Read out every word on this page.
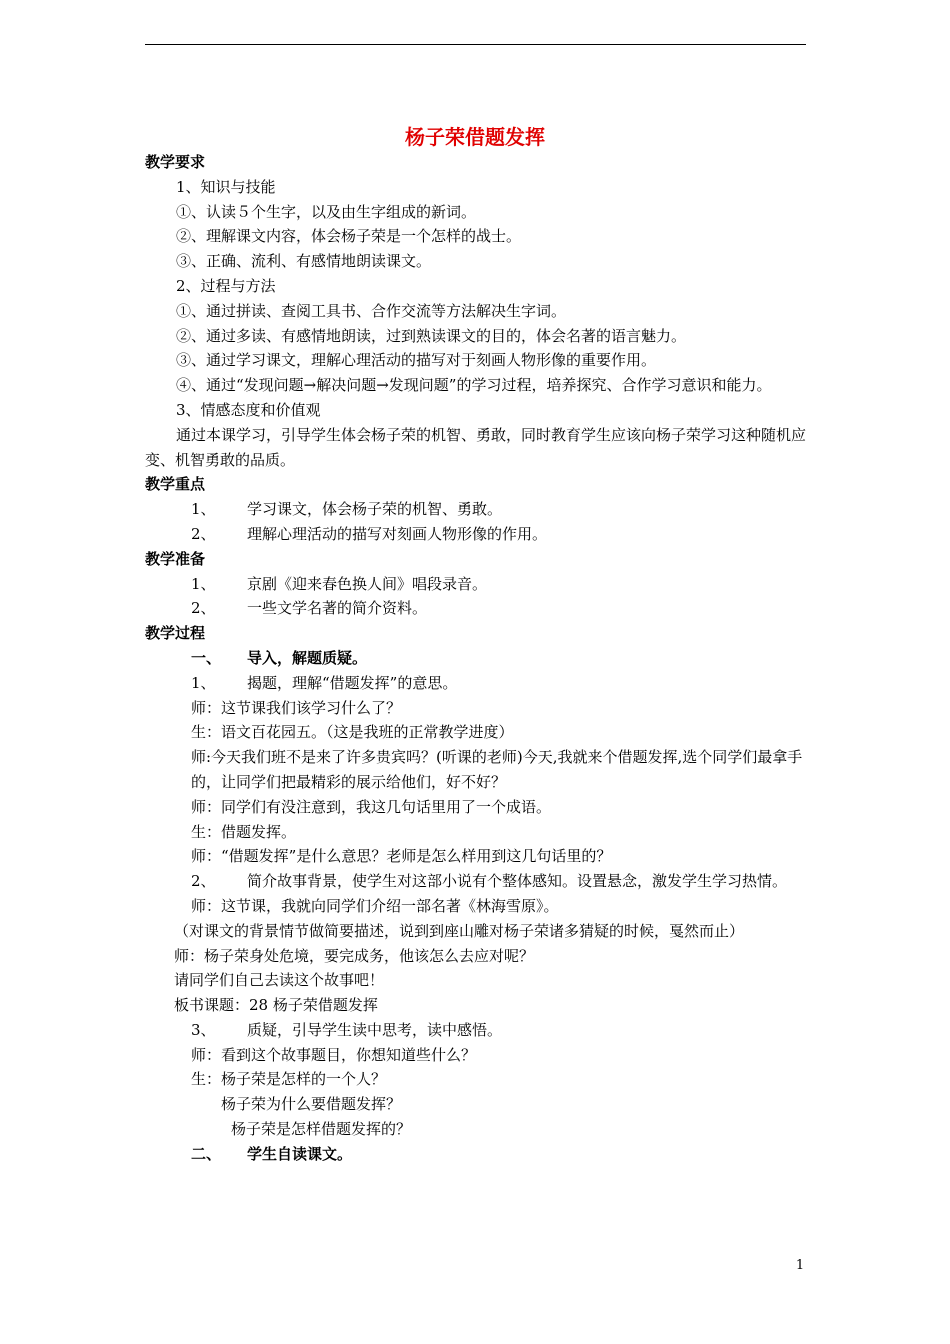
杨子荣借题发挥
教学要求
1、知识与技能
①、认读５个生字，以及由生字组成的新词。
②、理解课文内容，体会杨子荣是一个怎样的战士。
③、正确、流利、有感情地朗读课文。
2、过程与方法
①、通过拼读、查阅工具书、合作交流等方法解决生字词。
②、通过多读、有感情地朗读，过到熟读课文的目的，体会名著的语言魅力。
③、通过学习课文，理解心理活动的描写对于刻画人物形像的重要作用。
④、通过“发现问题→解决问题→发现问题”的学习过程，培养探究、合作学习意识和能力。
3、情感态度和价值观
通过本课学习，引导学生体会杨子荣的机智、勇敢，同时教育学生应该向杨子荣学习这种随机应变、机智勇敢的品质。
教学重点
1、 学习课文，体会杨子荣的机智、勇敢。
2、 理解心理活动的描写对刻画人物形像的作用。
教学准备
1、 京剧《迎来春色换人间》唱段录音。
2、 一些文学名著的简介资料。
教学过程
一、 导入，解题质疑。
1、 揭题，理解“借题发挥”的意思。
师：这节课我们该学习什么了？
生：语文百花园五。（这是我班的正常教学进度）
师:今天我们班不是来了许多贵宾吗？(听课的老师)今天,我就来个借题发挥,选个同学们最拿手的，让同学们把最精彩的展示给他们，好不好？
师：同学们有没注意到，我这几句话里用了一个成语。
生：借题发挥。
师：“借题发挥”是什么意思？老师是怎么样用到这几句话里的？
2、	简介故事背景，使学生对这部小说有个整体感知。设置悬念，激发学生学习热情。
师：这节课，我就向同学们介绍一部名著《林海雪原》。
（对课文的背景情节做简要描述，说到到座山雕对杨子荣诸多猜疑的时候，戛然而止）
师：杨子荣身处危境，要完成务，他该怎么去应对呢？
请同学们自己去读这个故事吧！
板书课题：28 杨子荣借题发挥
3、 质疑，引导学生读中思考，读中感悟。
师：看到这个故事题目，你想知道些什么？
生：杨子荣是怎样的一个人？
杨子荣为什么要借题发挥？
杨子荣是怎样借题发挥的？
二、 学生自读课文。
1
